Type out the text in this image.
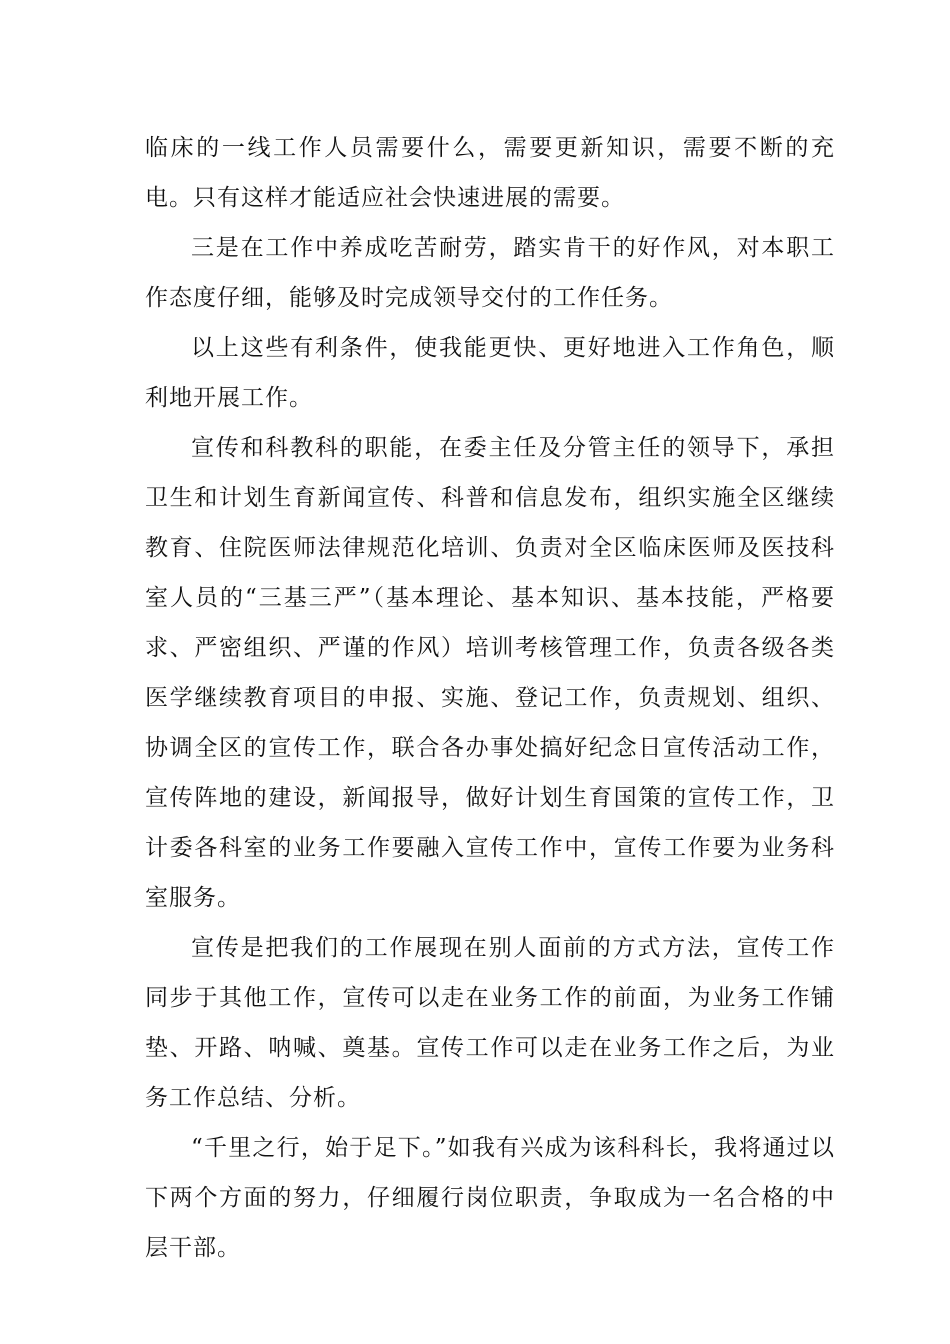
临床的一线工作人员需要什么，需要更新知识，需要不断的充电。只有这样才能适应社会快速进展的需要。

三是在工作中养成吃苦耐劳，踏实肯干的好作风，对本职工作态度仔细，能够及时完成领导交付的工作任务。

以上这些有利条件，使我能更快、更好地进入工作角色，顺利地开展工作。

宣传和科教科的职能，在委主任及分管主任的领导下，承担卫生和计划生育新闻宣传、科普和信息发布，组织实施全区继续教育、住院医师法律规范化培训、负责对全区临床医师及医技科室人员的“三基三严”（基本理论、基本知识、基本技能，严格要求、严密组织、严谨的作风）培训考核管理工作，负责各级各类医学继续教育项目的申报、实施、登记工作，负责规划、组织、协调全区的宣传工作，联合各办事处搞好纪念日宣传活动工作，宣传阵地的建设，新闻报导，做好计划生育国策的宣传工作，卫计委各科室的业务工作要融入宣传工作中，宣传工作要为业务科室服务。

宣传是把我们的工作展现在别人面前的方式方法，宣传工作同步于其他工作，宣传可以走在业务工作的前面，为业务工作铺垫、开路、呐喊、奠基。宣传工作可以走在业务工作之后，为业务工作总结、分析。

“千里之行，始于足下。”如我有兴成为该科科长，我将通过以下两个方面的努力，仔细履行岗位职责，争取成为一名合格的中层干部。
